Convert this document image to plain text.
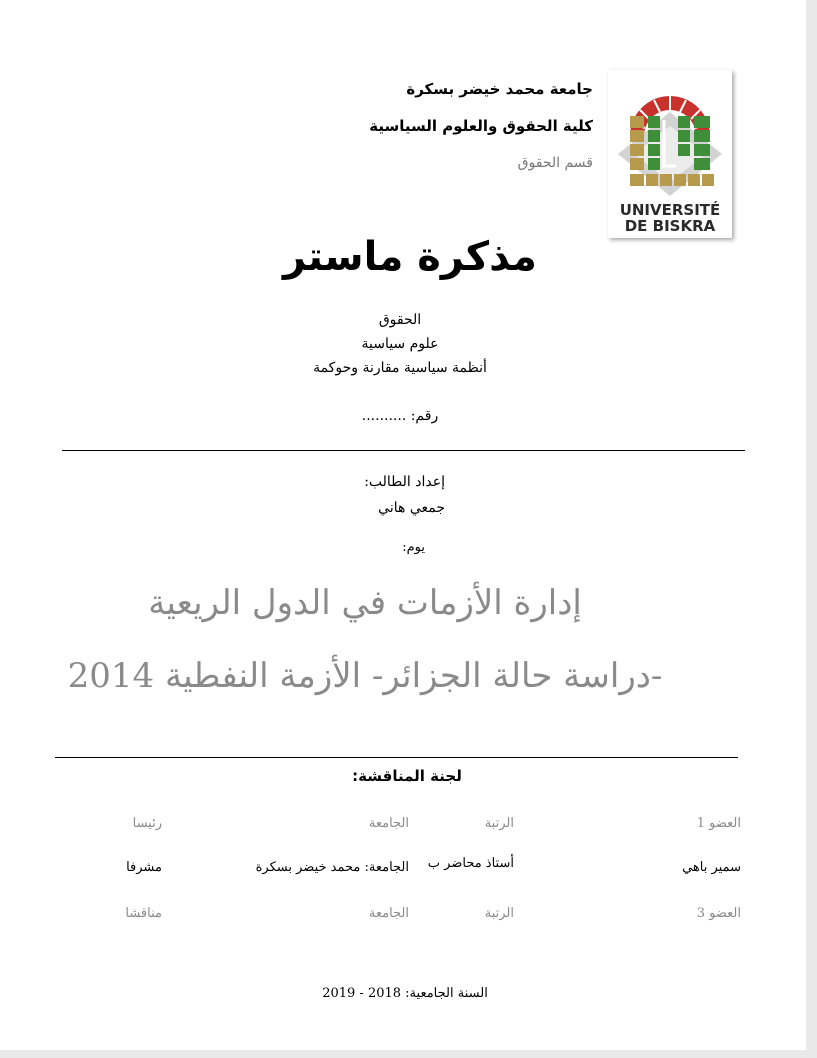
UNIVERSITÉ
DE BISKRA
جامعة محمد خيضر بسكرة
كلية الحقوق والعلوم السياسية
قسم الحقوق
مذكرة ماستر
الحقوق
علوم سياسية
أنظمة سياسية مقارنة وحوكمة
رقم: ..........
إعداد الطالب:
جمعي هاني
يوم:
إدارة الأزمات في الدول الريعية
-دراسة حالة الجزائر- الأزمة النفطية 2014
لجنة المناقشة:
العضو 1
الرتبة
الجامعة
رئيسا
سمير باهي
أستاذ محاضر ب
الجامعة: محمد خيضر بسكرة
مشرفا
العضو 3
الرتبة
الجامعة
مناقشا
السنة الجامعية: 2018 - 2019
